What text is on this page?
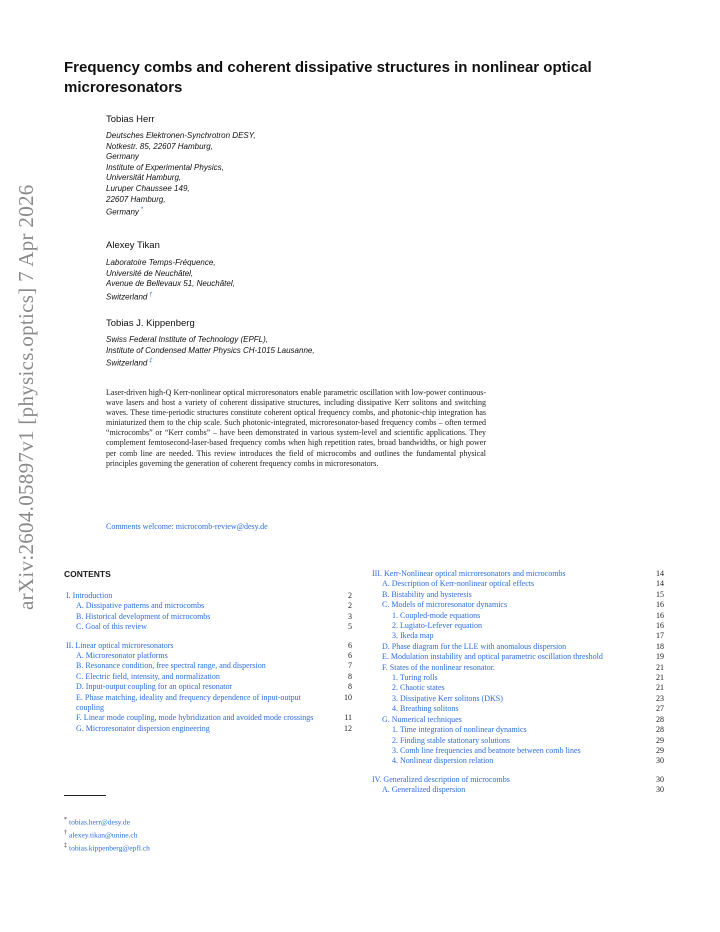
arXiv:2604.05897v1 [physics.optics] 7 Apr 2026
Frequency combs and coherent dissipative structures in nonlinear optical microresonators
Tobias Herr
Deutsches Elektronen-Synchrotron DESY,
Notkestr. 85, 22607 Hamburg,
Germany
Institute of Experimental Physics,
Universität Hamburg,
Luruper Chaussee 149,
22607 Hamburg,
Germany *
Alexey Tikan
Laboratoire Temps-Fréquence,
Université de Neuchâtel,
Avenue de Bellevaux 51, Neuchâtel,
Switzerland †
Tobias J. Kippenberg
Swiss Federal Institute of Technology (EPFL),
Institute of Condensed Matter Physics CH-1015 Lausanne,
Switzerland ‡
Laser-driven high-Q Kerr-nonlinear optical microresonators enable parametric oscillation with low-power continuous-wave lasers and host a variety of coherent dissipative structures, including dissipative Kerr solitons and switching waves. These time-periodic structures constitute coherent optical frequency combs, and photonic-chip integration has miniaturized them to the chip scale. Such photonic-integrated, microresonator-based frequency combs – often termed “microcombs” or “Kerr combs” – have been demonstrated in various system-level and scientific applications. They complement femtosecond-laser-based frequency combs when high repetition rates, broad bandwidths, or high power per comb line are needed. This review introduces the field of microcombs and outlines the fundamental physical principles governing the generation of coherent frequency combs in microresonators.
Comments welcome: microcomb-review@desy.de
CONTENTS
I. Introduction	2
A. Dissipative patterns and microcombs	2
B. Historical development of microcombs	3
C. Goal of this review	5
II. Linear optical microresonators	6
A. Microresonator platforms	6
B. Resonance condition, free spectral range, and dispersion	7
C. Electric field, intensity, and normalization	8
D. Input-output coupling for an optical resonator	8
E. Phase matching, ideality and frequency dependence of input-output coupling
10
F. Linear mode coupling, mode hybridization and avoided mode crossings	11
G. Microresonator dispersion engineering	12
III. Kerr-Nonlinear optical microresonators and microcombs	14
A. Description of Kerr-nonlinear optical effects	14
B. Bistability and hysteresis	15
C. Models of microresonator dynamics	16
1. Coupled-mode equations	16
2. Lugiato-Lefever equation	16
3. Ikeda map	17
D. Phase diagram for the LLE with anomalous dispersion	18
E. Modulation instability and optical parametric oscillation threshold	19
F. States of the nonlinear resonator.	21
1. Turing rolls	21
2. Chaotic states	21
3. Dissipative Kerr solitons (DKS)	23
4. Breathing solitons	27
G. Numerical techniques	28
1. Time integration of nonlinear dynamics	28
2. Finding stable stationary solutions	29
3. Comb line frequencies and beatnote between comb lines	29
4. Nonlinear dispersion relation	30
IV. Generalized description of microcombs	30
A. Generalized dispersion	30
* tobias.herr@desy.de
† alexey.tikan@unine.ch
‡ tobias.kippenberg@epfl.ch
